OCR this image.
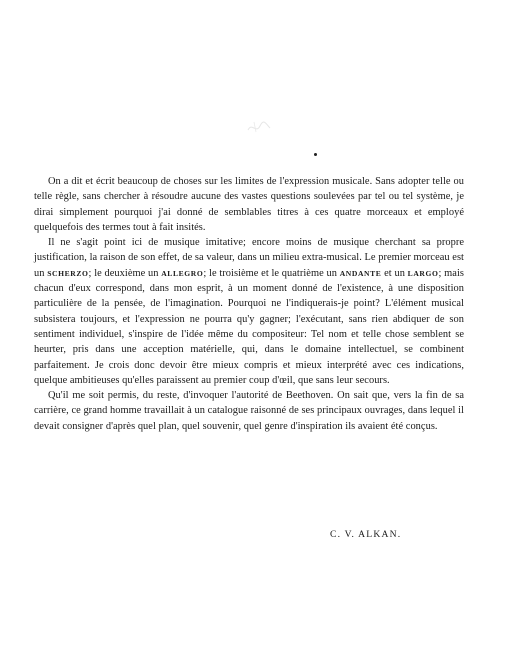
On a dit et écrit beaucoup de choses sur les limites de l'expression musicale. Sans adopter telle ou telle règle, sans chercher à résoudre aucune des vastes questions soulevées par tel ou tel système, je dirai simplement pourquoi j'ai donné de semblables titres à ces quatre morceaux et employé quelquefois des termes tout à fait insités.

Il ne s'agit point ici de musique imitative; encore moins de musique cherchant sa propre justification, la raison de son effet, de sa valeur, dans un milieu extra-musical. Le premier morceau est un SCHERZO; le deuxième un ALLEGRO; le troisième et le quatrième un ANDANTE et un LARGO; mais chacun d'eux correspond, dans mon esprit, à un moment donné de l'existence, à une disposition particulière de la pensée, de l'imagination. Pourquoi ne l'indiquerais-je point? L'élément musical subsistera toujours, et l'expression ne pourra qu'y gagner; l'exécutant, sans rien abdiquer de son sentiment individuel, s'inspire de l'idée même du compositeur: Tel nom et telle chose semblent se heurter, pris dans une acception matérielle, qui, dans le domaine intellectuel, se combinent parfaitement. Je crois donc devoir être mieux compris et mieux interprété avec ces indications, quelque ambitieuses qu'elles paraissent au premier coup d'œil, que sans leur secours.

Qu'il me soit permis, du reste, d'invoquer l'autorité de Beethoven. On sait que, vers la fin de sa carrière, ce grand homme travaillait à un catalogue raisonné de ses principaux ouvrages, dans lequel il devait consigner d'après quel plan, quel souvenir, quel genre d'inspiration ils avaient été conçus.

C. V. ALKAN.
